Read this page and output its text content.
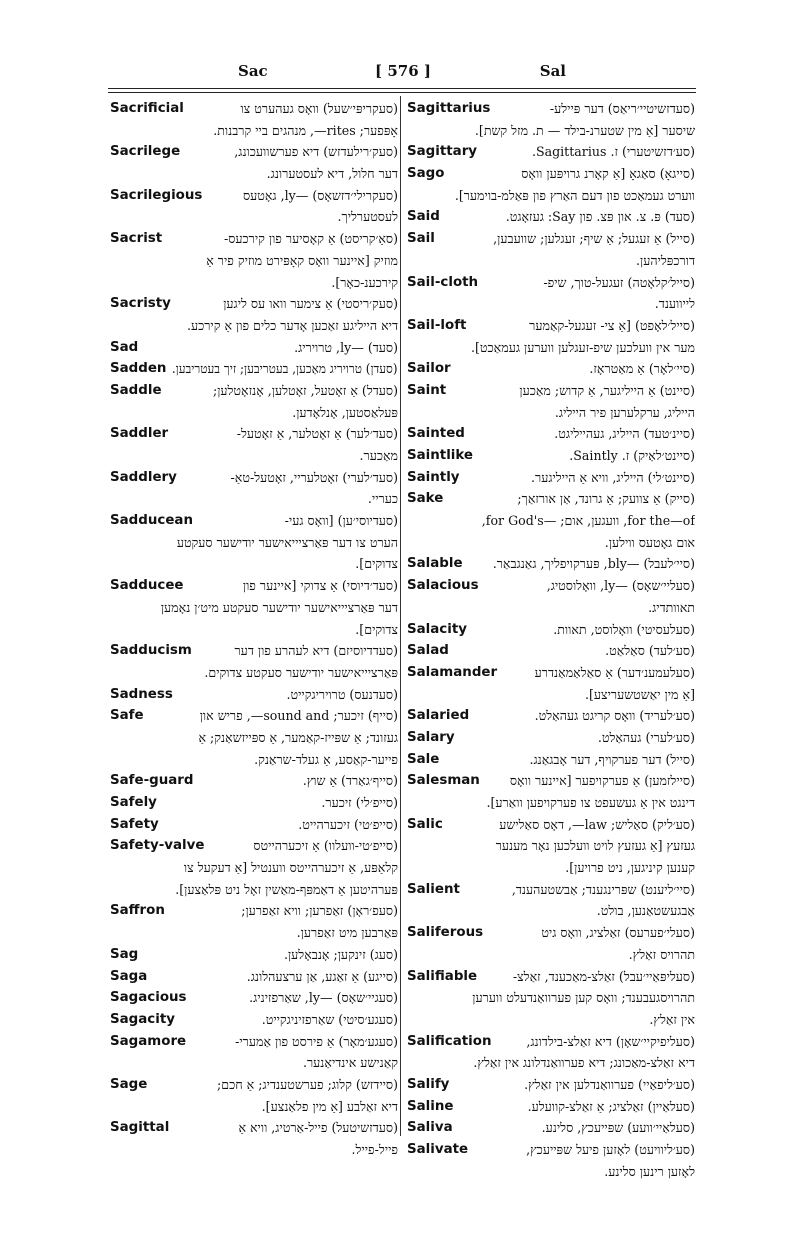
Sac	[ 576 ]	Sal
Sacrificial	(סעקריפּי׳שעל) וואָס געהערט צו
אָפּפער; rites—, מנהגים ביי קרבנות.
Sacrilege	(סעק׳רילעדזש) דיא פערשוועכונג,
דער חלול, דיא לעסטערונג.
Sacrilegious	(סעקרילי׳דזשאָס) —ly, גאָטעס
לעסטערליך.
Sacrist	(סאַ׳קריסט) אַ קאָסיער פון קירכעס-
מוזיק [איינער וואָס קאָפּירט מוזיק פיר אַ
קירכענ-כאָר].
Sacristy	(סעק׳ריסטי) אַ צימער וואו עס ליגען
דיא הייליגע זאַכען אָדער כלים פון אַ קירכע.
Sad	(סעד) —ly, טרויריג.
Sadden (סעדן) טרויריג מאַכען, בעטריבען; זיך בעטריבען.
Saddle	(סעדל) אַ זאָטעל, זאָטלען, אָנזאָטלען;
פּעלאַסטען, אָנלאָדען.
Saddler	(סעד׳לער) אַ זאָטלער, אַ זאָטעל-
מאַכער.
Saddlery	(סעד׳לערי) זאָטלעריי, זאָטעל-טאַ-
כעריי.
Sadducean	(סעדיוסי׳ען) [וואָס געי-
הערט צו דער פּאַרציייאישער יודישער סעקטע
צדוקים].
Sadducee	(סעד׳דיוסי) אַ צדוקי [איינער פון
דער פּאַרציייאישער יודישער סעקטע מיט׳ן נאָמען
צדוקים].
Sadducism	(סעדדיוסיזם) דיא לעהרע פון דער
פּאַרציייאישער יודישער סעקטע צדוקים.
Sadness	(סעדנעס) טרויריגקייט.
Safe	(סייף) זיכער; sound and—, פריש און
געזונד; אַ שפּייז-קאַמער, אַ ספּייזשאַנק; אַ
פייער-קאַסע, אַ געלד-שראַנק.
Safe-guard	(סייף׳גאַרד) אַ שוץ.
Safely	(סייפ׳לי) זיכער.
Safety	(סייפ׳טי) זיכערהייט.
Safety-valve	(סייפ׳טי-וועלוו) אַ זיכערהייטס
קלאַפּע, אַ זיכערהייטס ווענטיל [אַ דעקעל צו
פּערהיטען אַ דאַמפּף-מאַשין זאָל ניט פּלאַצען].
Saffron	(סעפ׳ראָן) זאַפרען; וויא זאַפרען;
פּאַרבען מיט זאַפרען.
Sag	(סעג) זינקען; אָנבאָלען.
Saga	(סייגע) אַ זאַגע, אַן ערצעהלונג.
Sagacious	(סעגיי׳שאָס) —ly, שאַרפזיניג.
Sagacity	(סעגע׳סיטי) שאַרפזיניגקייט.
Sagamore	(סעגע׳מאָר) אַ פירסט פון אַמערי-
קאַנישע אינדיאַנער.
Sage	(סיידזש) קלוג; פערשטענדיג; אַ חכם;
דיא זאַלבע [אַ מין פלאַנצע].
Sagittal	(סעדזשיטעל) פייל-אַרטיג, וויא אַ
פייל-פייל.
Sagittarius	(סעדזשיטיי׳ריאַס) דער פּיילע-
שיסער [אַ מין שטערנ-בילד — ת. מזל קשת].
Sagittary	(סע׳דזשיטערי) ז. Sagittarius.
Sago	(סייגאָ) סאַגאָ [אַ קאָרנ גרויפּען וואָס
ווערט געמאַכט פון דעם האַרץ פון פּאַלמ-בוימער].
Said	(סעד) פּ. צ. און פּצ. פון Say: געזאָגט.
Sail	(סייל) אַ זעגעל; אַ שיף; זעגלען; שוועבען,
דורכפּליהען.
Sail-cloth	(סייל׳קלאָטה) זעגעל-טוך, שיפ-
לייווענד.
Sail-loft	(סייל׳לאָפט) [אַ צי- זעגעל-קאַמער
מער אין וועלכען שיפ-זעגלען ווערען געמאַכט].
Sailor	(סיי׳לאָר) אַ מאַטראָז.
Saint	(סיינט) אַ הייליגער, אַ קדוש; מאַכען
הייליג, ערקלערען פיר הייליג.
Sainted	(סיינ׳טעד) הייליג, געהייליגט.
Saintlike	(סיינט׳לאַיק) ז. Saintly.
Saintly	(סיינט׳לי) הייליג, וויא אַ הייליגער.
Sake	(סייק) אַ צוועק; אַ גרונד, אַן אורזאַך;
for the—of, וועגען, אום; —for God's,
אום גאָטעס ווילען.
Salable (סיי׳לעבל) —bly, פּערקויפליך, גאַנגבאַר.
Salacious	(סעליי׳שאָס) —ly, וואָלוסטיג,
תאוותדיג.
Salacity	(סעלעסיטי) וואָלוסט, תאוות.
Salad	(סע׳לעד) סאַלאַט.
Salamander	(סעלעמענ׳דער) אַ סאַלאַמאַנדרע
[אַ מין יאַשטשעריצע].
Salaried	(סע׳לעריד) וואָס קריגט געהאַלט.
Salary	(סע׳לערי) געהאַלט.
Sale	(סייל) דער פערקויף, דער אָבגאַנג.
Salesman (סיילזמען) אַ פערקויפער [איינער וואָס
דינגט אין אַ געשעפט צו פערקויפען וואַרע].
Salic	(סע׳ליק) סאַליש; law—, דאָס סאַלישע
געזעץ [אַ געזעץ לויט וועלכען נאָר מענער
קענען קיניגען, ניט פרויען].
Salient	(סיי׳ליענט) שפּרינגענד; אַבשטעהענד,
אַבגעשטאַנען, בולט.
Saliferous	(סעלי׳פערעס) זאַלציג, וואָס גיט
תהרויס זאַלץ.
Salifiable	(סעליפּאַיי׳עבל) זאַלצ-מאַכענד, זאַלצ-
תהרויסגעבענד; וואָס קען פערוואַנדעלט ווערען
אין זאַלץ.
Salification	(סעליפיקיי׳שאָן) דיא זאַלצ-בילדונג,
דיא זאַלצ-מאַכונג; דיא פערוואַנדלונג אין זאַלץ.
Salify	(סע׳ליפאַיי) פערוואַנדלען אין זאַלץ.
Saline	(סעלאַיין) זאַלציג; אַ זאַלצ-קוועלע.
Saliva	(סעלאַיי׳וועע) שפּייעכץ, סלינע.
Salivate	(סע׳ליוויעט) לאָזען פיעל שפּייעכץ,
לאָזען רינען סלינע.
